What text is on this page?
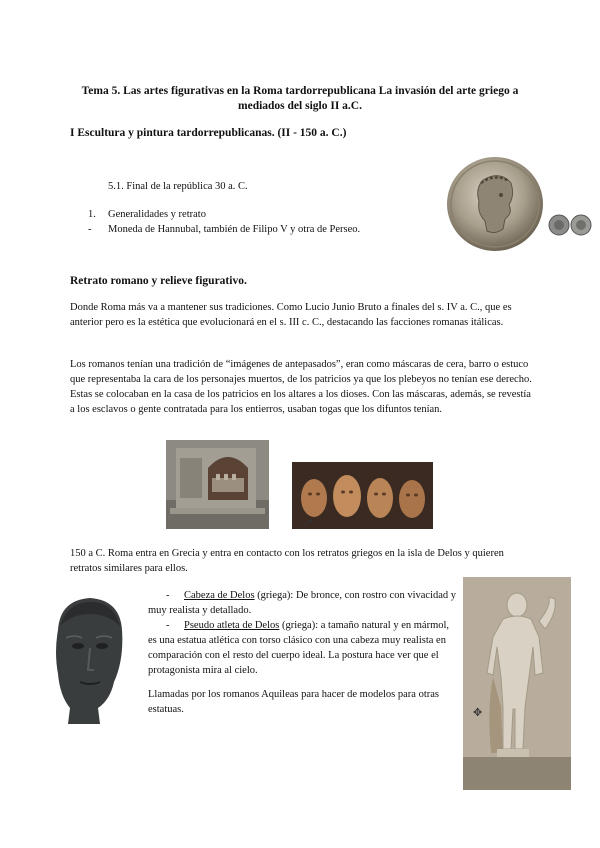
Tema 5. Las artes figurativas en la Roma tardorrepublicana La invasión del arte griego a
mediados del siglo II a.C.
I Escultura y pintura tardorrepublicanas. (II - 150 a. C.)
5.1. Final de la república 30 a. C.
1.	Generalidades y retrato
-	Moneda de Hannubal, también de Filipo V y otra de Perseo.
Retrato romano y relieve figurativo.
Donde Roma más va a mantener sus tradiciones. Como Lucio Junio Bruto a finales del s. IV a. C., que es anterior pero es la estética que evolucionará en el s. III c. C., destacando las facciones romanas itálicas.
Los romanos tenían una tradición de “imágenes de antepasados”, eran como máscaras de cera, barro o estuco que representaba la cara de los personajes muertos, de los patricios ya que los plebeyos no tenían ese derecho. Estas se colocaban en la casa de los patricios en los altares a los dioses. Con las máscaras, además, se revestía a los esclavos o gente contratada para los entierros, usaban togas que los difuntos tenían.
150 a C. Roma entra en Grecia y entra en contacto con los retratos griegos en la isla de Delos y quieren retratos similares para ellos.
-	Cabeza de Delos (griega): De bronce, con rostro con vivacidad y muy realista y detallado.
-	Pseudo atleta de Delos (griega): a tamaño natural y en mármol, es una estatua atlética con torso clásico con una cabeza muy realista en comparación con el resto del cuerpo ideal. La postura hace ver que el protagonista mira al cielo.
Llamadas por los romanos Aquileas para hacer de modelos para otras estatuas.
➚
✥
